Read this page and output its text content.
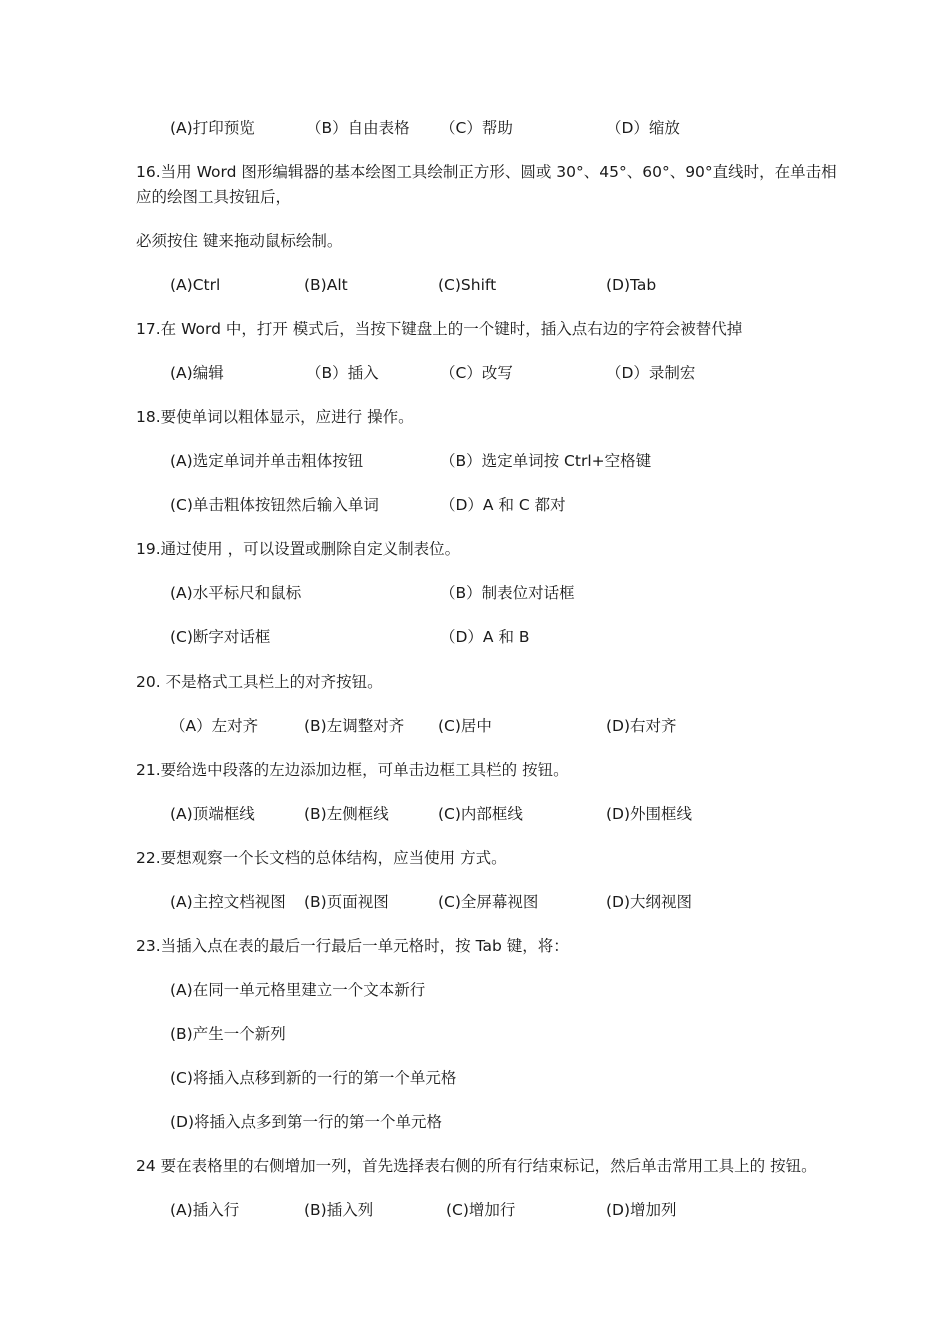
(A)打印预览	（B）自由表格 （C）帮助	（D）缩放
16.当用 Word 图形编辑器的基本绘图工具绘制正方形、圆或 30°、45°、60°、90°直线时，在单击相
应的绘图工具按钮后，
必须按住 键来拖动鼠标绘制。
(A)Ctrl	(B)Alt	(C)Shift	(D)Tab
17.在 Word 中，打开 模式后，当按下键盘上的一个键时，插入点右边的字符会被替代掉
(A)编辑	（B）插入	（C）改写	（D）录制宏
18.要使单词以粗体显示，应进行 操作。
(A)选定单词并单击粗体按钮	（B）选定单词按 Ctrl+空格键
(C)单击粗体按钮然后输入单词	（D）A 和 C 都对
19.通过使用 ，可以设置或删除自定义制表位。
(A)水平标尺和鼠标	（B）制表位对话框
(C)断字对话框	（D）A 和 B
20. 不是格式工具栏上的对齐按钮。
（A）左对齐	(B)左调整对齐 (C)居中	(D)右对齐
21.要给选中段落的左边添加边框，可单击边框工具栏的 按钮。
(A)顶端框线	(B)左侧框线	(C)内部框线	(D)外围框线
22.要想观察一个长文档的总体结构，应当使用 方式。
(A)主控文档视图 (B)页面视图	(C)全屏幕视图	(D)大纲视图
23.当插入点在表的最后一行最后一单元格时，按 Tab 键，将：
(A)在同一单元格里建立一个文本新行
(B)产生一个新列
(C)将插入点移到新的一行的第一个单元格
(D)将插入点多到第一行的第一个单元格
24 要在表格里的右侧增加一列，首先选择表右侧的所有行结束标记，然后单击常用工具上的 按钮。
(A)插入行	(B)插入列	(C)增加行	(D)增加列
